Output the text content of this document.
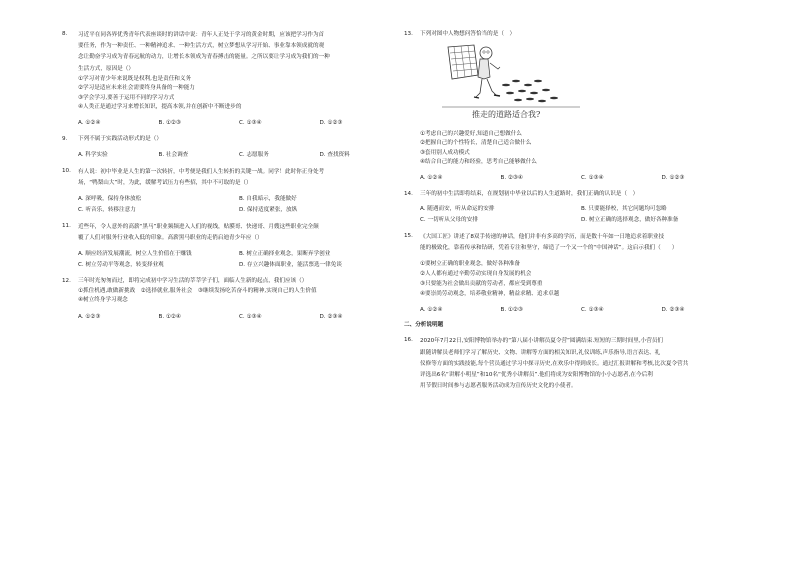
8. 习近平在同各界优秀青年代表座谈时的讲话中说：青年人正处于学习的黄金时期，应该把学习作为首

要任务，作为一种责任、一种精神追求、一种生活方式，树立梦想从学习开始、事业靠本领成就的观

念让勤奋学习成为青春远航的动力，让增长本领成为青春搏击的能量。之所以要让学习成为我们的一种

生活方式，原因是（）

①学习对青少年来说既是权利,也是责任和义务

②学习是适应未来社会需要终身具备的一种能力

③学会学习,要善于运用不同的学习方式

④人类正是通过学习来增长知识，提高本领,并在创新中不断进步的

A. ①②④	B. ①②③	C. ①③④	D. ①②③
9. 下列不属于实践活动形式的是（）

A. 科学实验	B. 社会调查	C. 志愿服务	D. 查找资料
10. 有人说：初中毕业是人生的第一次转折，中考便是我们人生转折的关键一战。同学！此时你正身处考

场，“鸭梨山大”时，为此，缓解考试压力有些招，其中不可取的是（）

A. 深呼吸，保持身体放松	B. 自我暗示，我能做好
C. 听音乐，转移注意力	D. 保持适度紧张，放纵
11. 近些年，令人意外的高薪“黑马”职业频频进入人们的视线，贴膜哥、快递哥、月嫂这些职业完全颠

覆了人们对服务行业收入低的印象。高薪黑马职业的走俏启迪青少年应（）

A. 顺应经济发展潮流，树立人生价值在于赚钱	B. 树立正确择业观念，果断弃学创业
C. 树立劳动平等观念，转变择业观	D. 存立兴趣体面职业，能活票选一律免谈
12. 三年时光匆匆而过，即将完成初中学习生活的莘莘学子们，面临人生新的起点，我们应该（）

①抓住机遇,敢做新挑战　②选择就业,服务社会　③继续发扬吃苦奋斗的精神,实现自己的人生价值

④树立终身学习观念

A. ①②③	B. ①②④	C. ①③④	D. ②③④
13. 下列对图中人物想问答恰当的是（　）

推走的道路适合我?

①考虑自己的兴趣爱好,知道自己想做什么

②把握自己的个性特长，清楚自己适合做什么

③套用别人成功模式

④结合自己的能力和经验，思考自己能够做什么

A. ①②④	B. ②③④	C. ①③④	D. ①②③
14. 三年的初中生活即将结束，在规划初中毕业以后的人生道路时，我们正确的认识是（　）

A. 随遇而安，听从命运的安排	B. 只要能择校，其它问题均可忽略
C. 一切听从父母的安排	D. 树立正确的选择观念，做好各种准备
15. 《大国工匠》讲述了8双手传递的神话，他们并非有多高的学历，而是数十年如一日地追求着职业技

能的极致化，靠着传承和钻研，凭着专注和坚守，缔造了一个又一个的“中国神话”。这启示我们（　　）

①要树立正确的职业观念，做好各种准备
②人人都有通过辛勤劳动实现自身发展的机会
③只要能为社会做出贡献的劳动者，都应受到尊重
④要崇尚劳动观念，培养敬业精神，精益求精、追求卓越
A. ①②④	B. ①②③	C. ①③④	D. ②③④
二、分析说明题
16. 2020年7月22日,安阳博物馆举办的“第八届小讲解员夏令营”圆满结束.短短的三期时间里,小营员们

跟随讲解员老师们学习了解历史、文物、讲解等方面的相关知识,礼仪训练,声乐指导,语言表达、礼

仪修等方面的实践技能,每个营员通过学习中探寻历史,在欢乐中得到成长。通过汇报讲解和考核,比次夏令营共

评选出6名“讲解小明星”和10名“优秀小讲解员”.他们将成为安阳博物馆的小小志愿者,在今后利

用节假日时间参与志愿者服务活动成为宣传历史文化的小使者。
